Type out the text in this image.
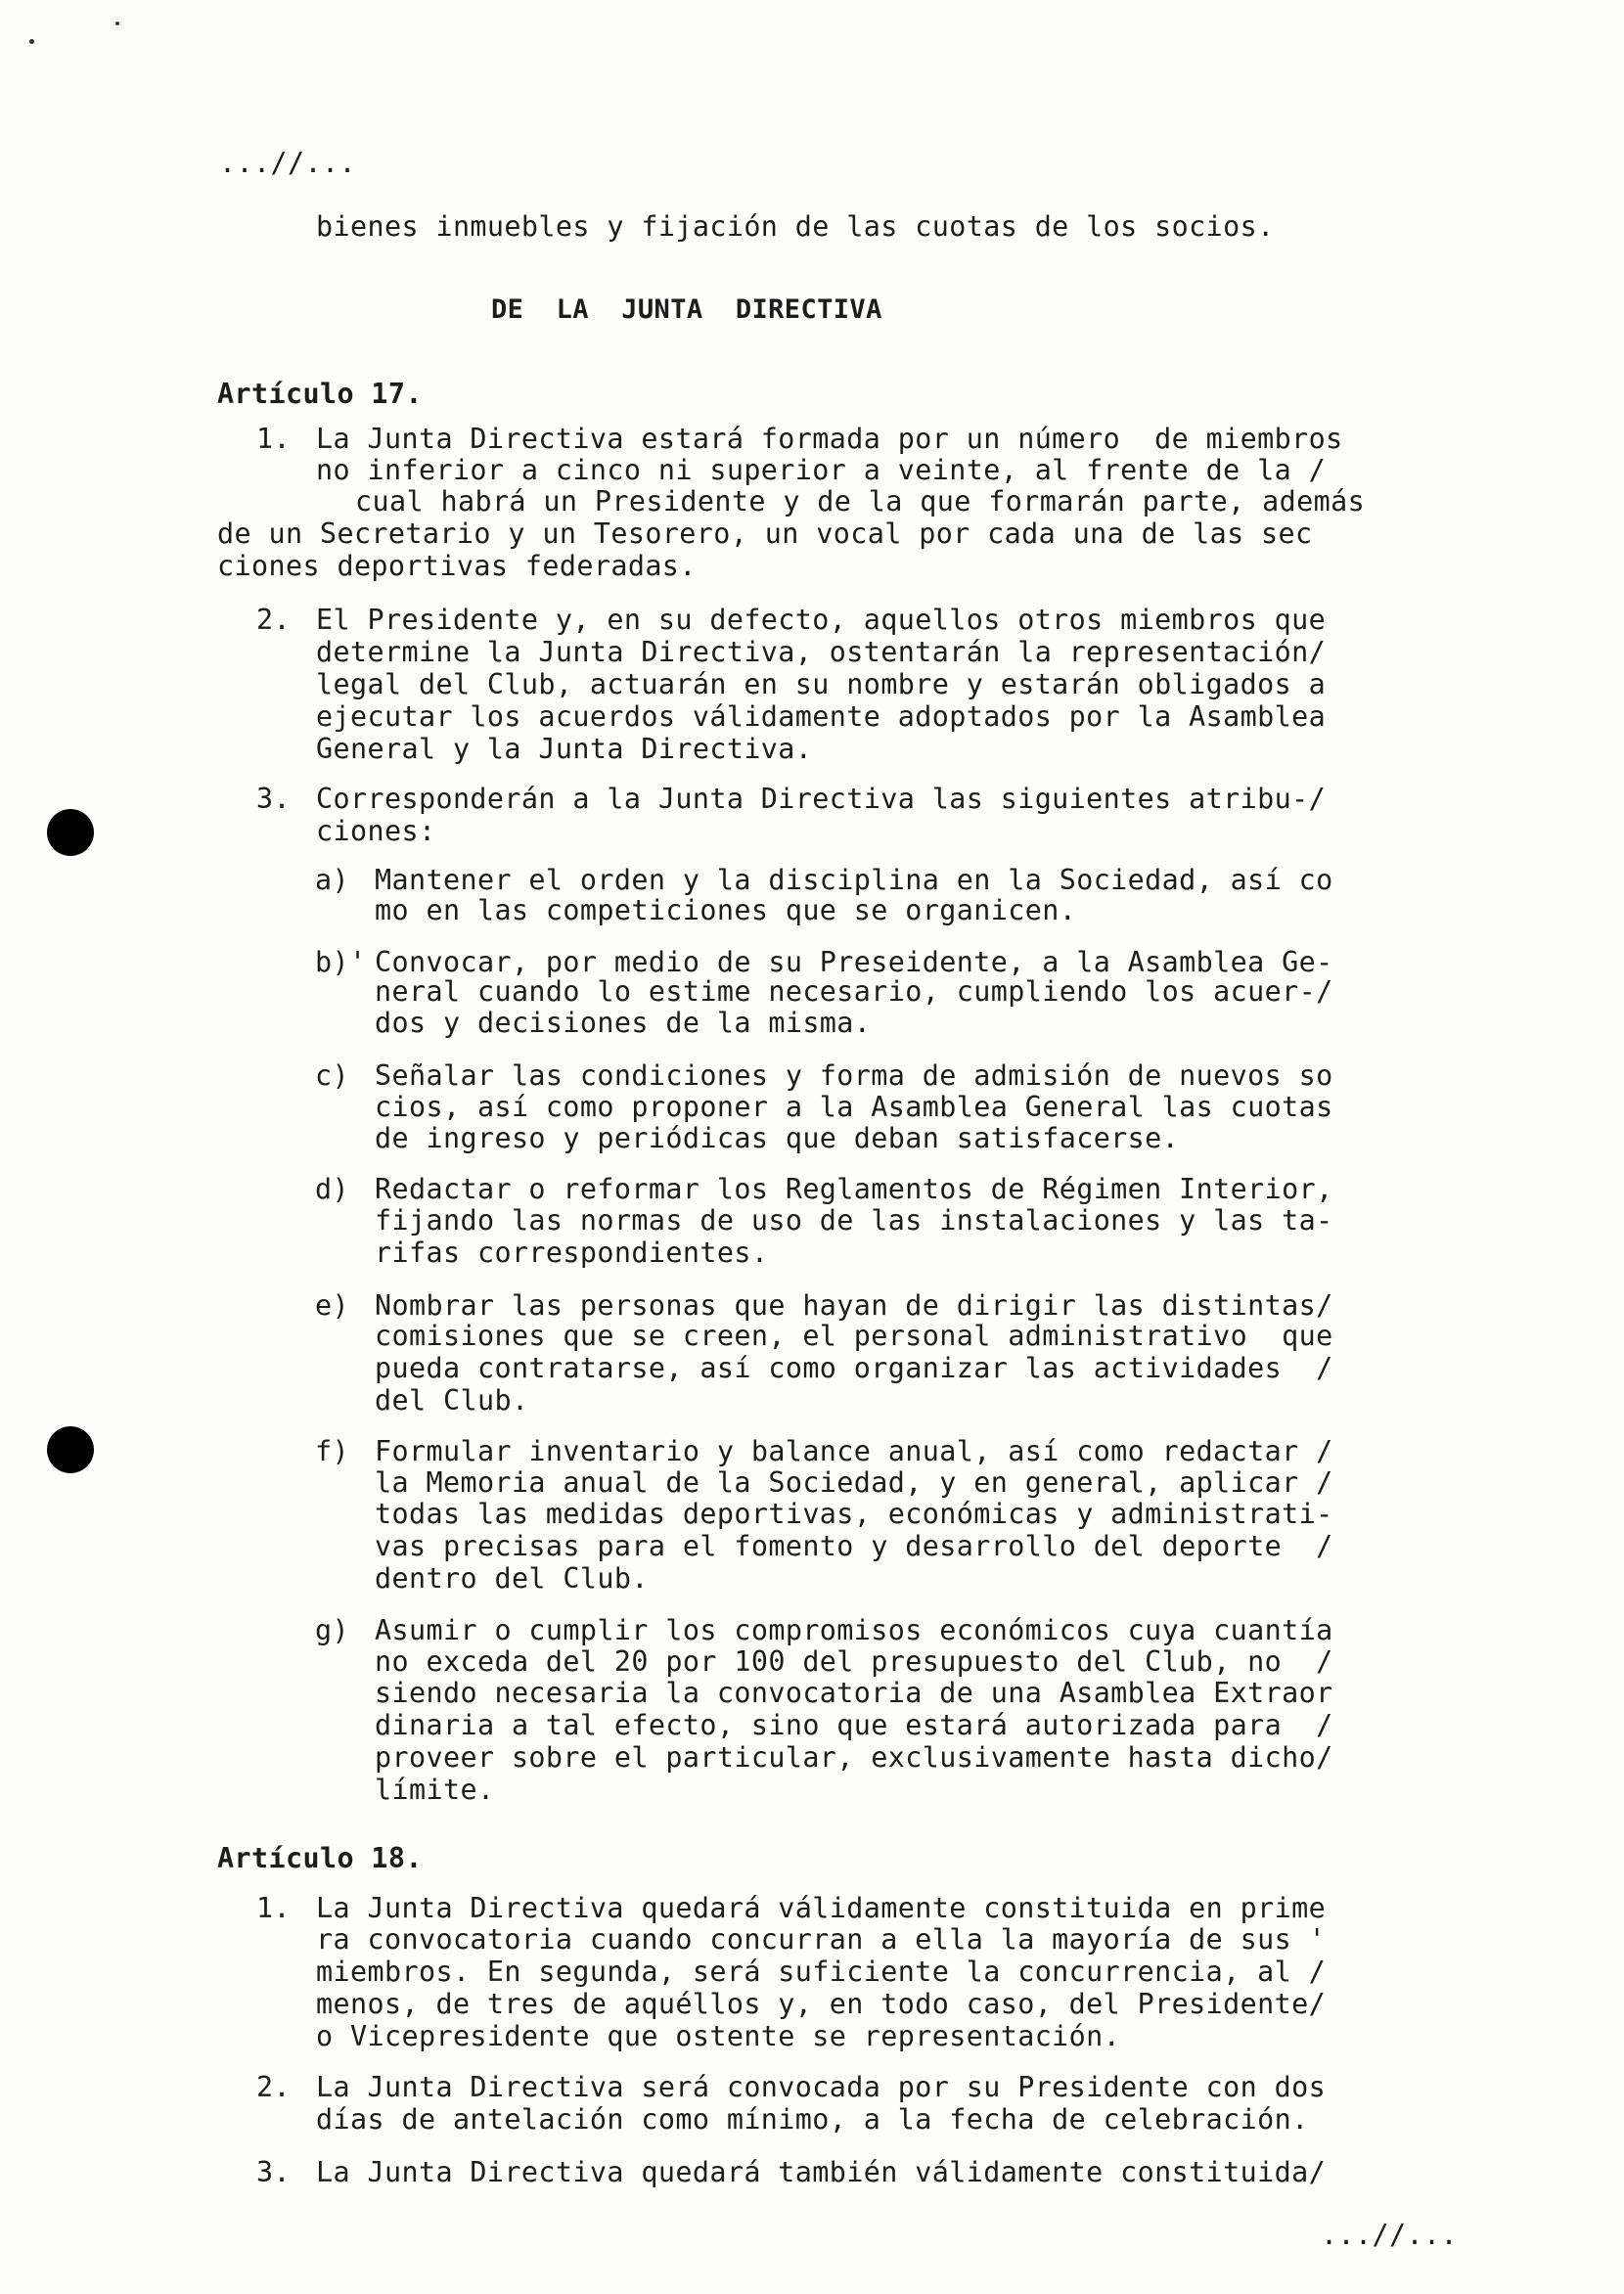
...//...
bienes inmuebles y fijación de las cuotas de los socios.
DE  LA  JUNTA  DIRECTIVA
Artículo 17.
1. La Junta Directiva estará formada por un número  de miembros
no inferior a cinco ni superior a veinte, al frente de la /
cual habrá un Presidente y de la que formarán parte, además
de un Secretario y un Tesorero, un vocal por cada una de las sec
ciones deportivas federadas.
2. El Presidente y, en su defecto, aquellos otros miembros que
determine la Junta Directiva, ostentarán la representación/
legal del Club, actuarán en su nombre y estarán obligados a
ejecutar los acuerdos válidamente adoptados por la Asamblea
General y la Junta Directiva.
3. Corresponderán a la Junta Directiva las siguientes atribu-/
ciones:
a) Mantener el orden y la disciplina en la Sociedad, así co
mo en las competiciones que se organicen.
b)' Convocar, por medio de su Preseidente, a la Asamblea Ge-
neral cuando lo estime necesario, cumpliendo los acuer-/
dos y decisiones de la misma.
c) Señalar las condiciones y forma de admisión de nuevos so
cios, así como proponer a la Asamblea General las cuotas
de ingreso y periódicas que deban satisfacerse.
d) Redactar o reformar los Reglamentos de Régimen Interior,
fijando las normas de uso de las instalaciones y las ta-
rifas correspondientes.
e) Nombrar las personas que hayan de dirigir las distintas/
comisiones que se creen, el personal administrativo  que
pueda contratarse, así como organizar las actividades  /
del Club.
f) Formular inventario y balance anual, así como redactar /
la Memoria anual de la Sociedad, y en general, aplicar /
todas las medidas deportivas, económicas y administrati-
vas precisas para el fomento y desarrollo del deporte  /
dentro del Club.
g) Asumir o cumplir los compromisos económicos cuya cuantía
no exceda del 20 por 100 del presupuesto del Club, no  /
siendo necesaria la convocatoria de una Asamblea Extraor
dinaria a tal efecto, sino que estará autorizada para  /
proveer sobre el particular, exclusivamente hasta dicho/
límite.
Artículo 18.
1. La Junta Directiva quedará válidamente constituida en prime
ra convocatoria cuando concurran a ella la mayoría de sus '
miembros. En segunda, será suficiente la concurrencia, al /
menos, de tres de aquéllos y, en todo caso, del Presidente/
o Vicepresidente que ostente se representación.
2. La Junta Directiva será convocada por su Presidente con dos
días de antelación como mínimo, a la fecha de celebración.
3. La Junta Directiva quedará también válidamente constituida/
...//...
